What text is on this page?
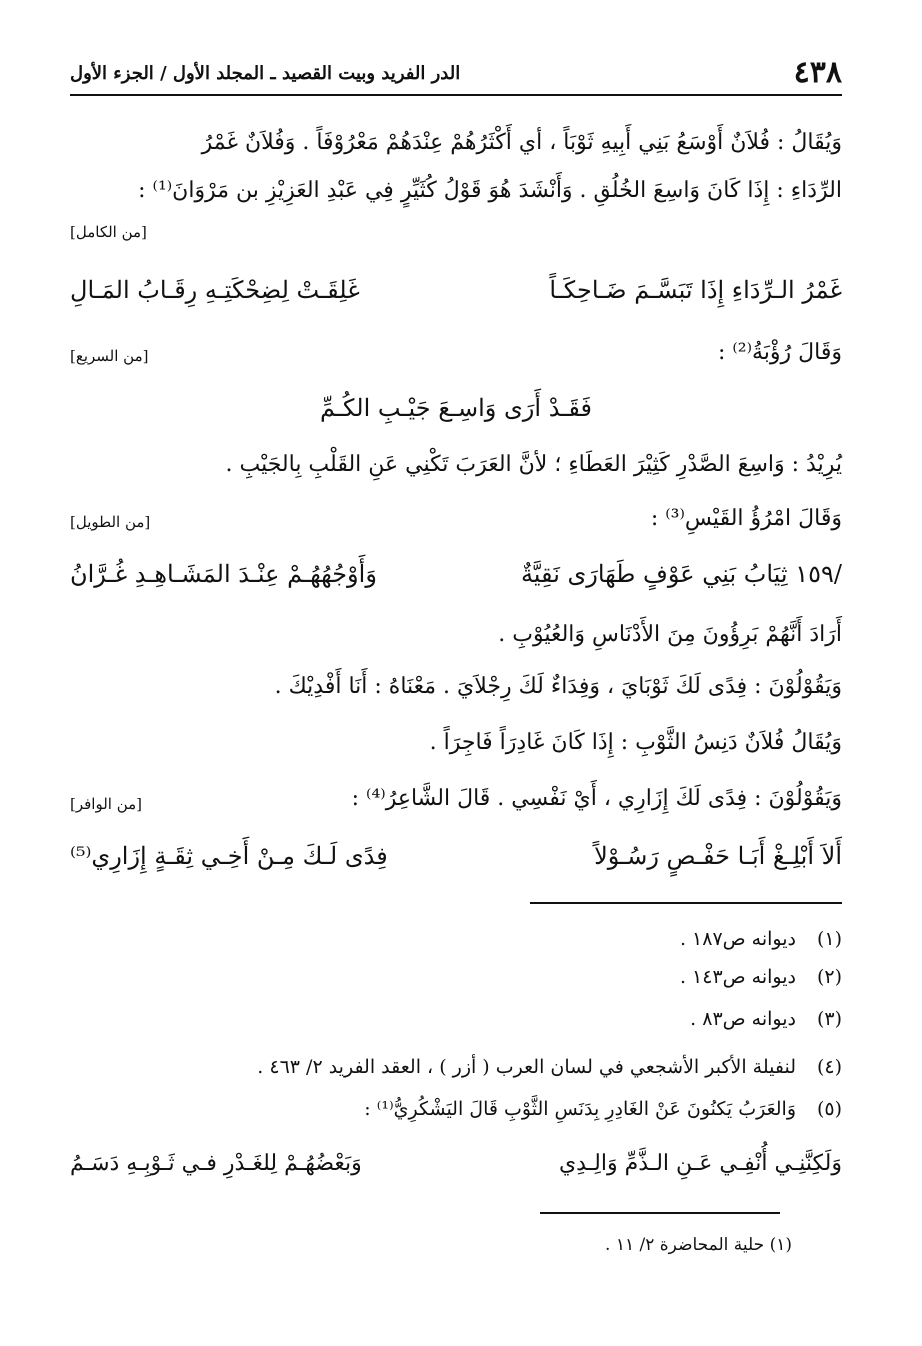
٤٣٨
الدر الفريد وبيت القصيد ـ المجلد الأول / الجزء الأول
وَيُقَالُ : فُلاَنٌ أَوْسَعُ بَنِي أَبِيهِ ثَوْبَاً ، أي أَكْثَرُهُمْ عِنْدَهُمْ مَعْرُوْفَاً . وَفُلاَنٌ غَمْرُ
الرِّدَاءِ : إِذَا كَانَ وَاسِعَ الخُلُقِ . وَأَنْشَدَ هُوَ قَوْلُ كُثَيِّرٍ فِي عَبْدِ العَزِيْزِ بن مَرْوَانَ⁽¹⁾ :
[من الكامل]
غَمْرُ الـرِّدَاءِ إِذَا تَبَسَّـمَ ضَـاحِكَـاً
غَلِقَـتْ لِضِحْكَتِـهِ رِقَـابُ المَـالِ
وَقَالَ رُؤْبَةُ⁽²⁾ :
[من السريع]
فَقَـدْ أَرَى وَاسِـعَ جَيْـبِ الكُـمِّ
يُرِيْدُ : وَاسِعَ الصَّدْرِ كَثِيْرَ العَطَاءِ ؛ لأنَّ العَرَبَ تَكْنِي عَنِ القَلْبِ بِالجَيْبِ .
وَقَالَ امْرُؤُ القَيْسِ⁽³⁾ :
[من الطويل]
/١٥٩ ثِيَابُ بَنِي عَوْفٍ طَهَارَى نَقِيَّةٌ
وَأَوْجُهُهُـمْ عِنْـدَ المَشَـاهِـدِ غُـرَّانُ
أَرَادَ أَنَّهُمْ بَرِؤُونَ مِنَ الأَدْنَاسِ وَالعُيُوْبِ .
وَيَقُوْلُوْنَ : فِدًى لَكَ ثَوْبَايَ ، وَفِدَاءٌ لَكَ رِجْلاَيَ . مَعْنَاهُ : أَنَا أَفْدِيْكَ .
وَيُقَالُ فُلاَنٌ دَنِسُ الثَّوْبِ : إِذَا كَانَ غَادِرَاً فَاجِرَاً .
وَيَقُوْلُوْنَ : فِدًى لَكَ إِزَارِي ، أَيْ نَفْسِي . قَالَ الشَّاعِرُ⁽⁴⁾ :
[من الوافر]
أَلاَ أَبْلِـغْ أَبَـا حَفْـصٍ رَسُـوْلاً
فِدًى لَـكَ مِـنْ أَخِـي ثِقَـةٍ إِزَارِي⁽⁵⁾
(١)ديوانه ص١٨٧ .
(٢)ديوانه ص١٤٣ .
(٣)ديوانه ص٨٣ .
(٤)لنفيلة الأكبر الأشجعي في لسان العرب ( أزر ) ، العقد الفريد ٢/ ٤٦٣ .
(٥)وَالعَرَبُ يَكنُونَ عَنْ الغَادِرِ بِدَنَسِ الثَّوْبِ قَالَ اليَشْكُرِيُّ⁽¹⁾ :
وَلَكِنَّنِـي أُنْفِـي عَـنِ الـذَّمِّ وَالِـدِي
وَبَعْضُهُـمْ لِلغَـدْرِ فـي ثَـوْبِـهِ دَسَـمُ
(١) حلية المحاضرة ٢/ ١١ .
